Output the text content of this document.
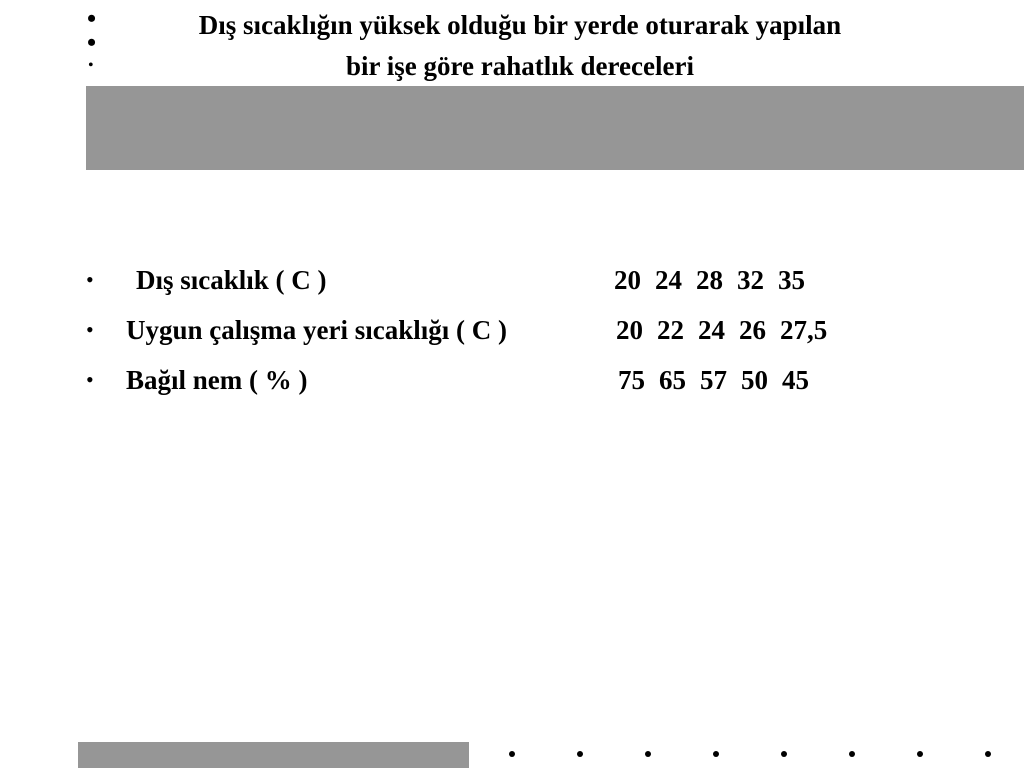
•
•
•
Dış sıcaklığın yüksek olduğu bir yerde oturarak yapılan
bir işe göre rahatlık dereceleri
• Dış sıcaklık ( C )	20 24 28 32 35
• Uygun çalışma yeri sıcaklığı ( C )	20 22 24 26 27,5
• Bağıl nem ( % )	75 65 57 50 45
